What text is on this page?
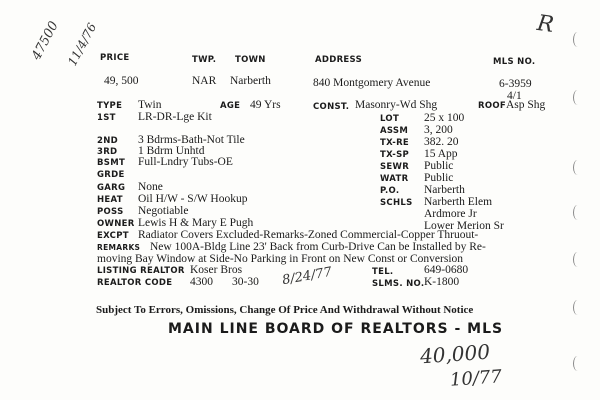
47500 11/4/76	R
PRICE	TWP. TOWN	ADDRESS	MLS NO.
49, 500	NAR Narberth	840 Montgomery Avenue	6-3959
4/1
TYPE Twin	AGE 49 Yrs	CONST. Masonry-Wd Shg	ROOF Asp Shg
1ST LR-DR-Lge Kit
2ND 3 Bdrms-Bath-Not Tile
3RD 1 Bdrm Unhtd
BSMT Full-Lndry Tubs-OE
GRDE
GARG None
HEAT Oil H/W - S/W Hookup
POSS Negotiable
OWNER Lewis H & Mary E Pugh
LOT 25 x 100
ASSM 3, 200
TX-RE 382. 20
TX-SP 15 App
SEWR Public
WATR Public
P.O. Narberth
SCHLS Narberth Elem
Ardmore Jr
Lower Merion Sr
EXCPT Radiator Covers Excluded-Remarks-Zoned Commercial-Copper Thruout-
REMARKS New 100A-Bldg Line 23' Back from Curb-Drive Can be Installed by Re-
moving Bay Window at Side-No Parking in Front on New Const or Conversion
LISTING REALTOR Koser Bros
REALTOR CODE 4300 30-30 8/24/77	TEL.	649-0680
SLMS. NO. K-1800
Subject To Errors, Omissions, Change Of Price And Withdrawal Without Notice
MAIN LINE BOARD OF REALTORS - MLS
40,000
10/77
